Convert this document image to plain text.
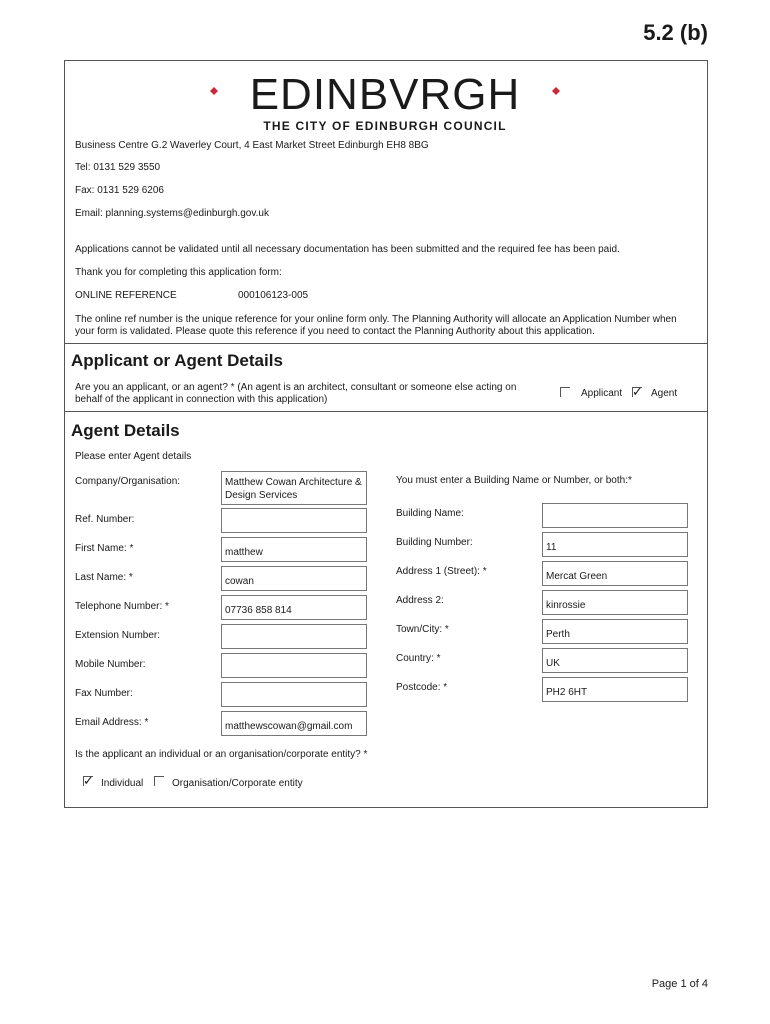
5.2 (b)
EDINBVRGH
THE CITY OF EDINBURGH COUNCIL
Business Centre G.2 Waverley Court, 4 East Market Street Edinburgh EH8 8BG
Tel: 0131 529 3550
Fax: 0131 529 6206
Email: planning.systems@edinburgh.gov.uk
Applications cannot be validated until all necessary documentation has been submitted and the required fee has been paid.
Thank you for completing this application form:
ONLINE REFERENCE	000106123-005
The online ref number is the unique reference for your online form only. The Planning Authority will allocate an Application Number when your form is validated. Please quote this reference if you need to contact the Planning Authority about this application.
Applicant or Agent Details
Are you an applicant, or an agent? * (An agent is an architect, consultant or someone else acting on behalf of the applicant in connection with this application)
Applicant ✓ Agent
Agent Details
Please enter Agent details
Company/Organisation:	Matthew Cowan Architecture & Design Services
Ref. Number:
First Name: *	matthew
Last Name: *	cowan
Telephone Number: *	07736 858 814
Extension Number:
Mobile Number:
Fax Number:
Email Address: *	matthewscowan@gmail.com
You must enter a Building Name or Number, or both:*
Building Name:
Building Number:	11
Address 1 (Street): *	Mercat Green
Address 2:	kinrossie
Town/City: *	Perth
Country: *	UK
Postcode: *	PH2 6HT
Is the applicant an individual or an organisation/corporate entity? *
✓ Individual	Organisation/Corporate entity
Page 1 of 4
